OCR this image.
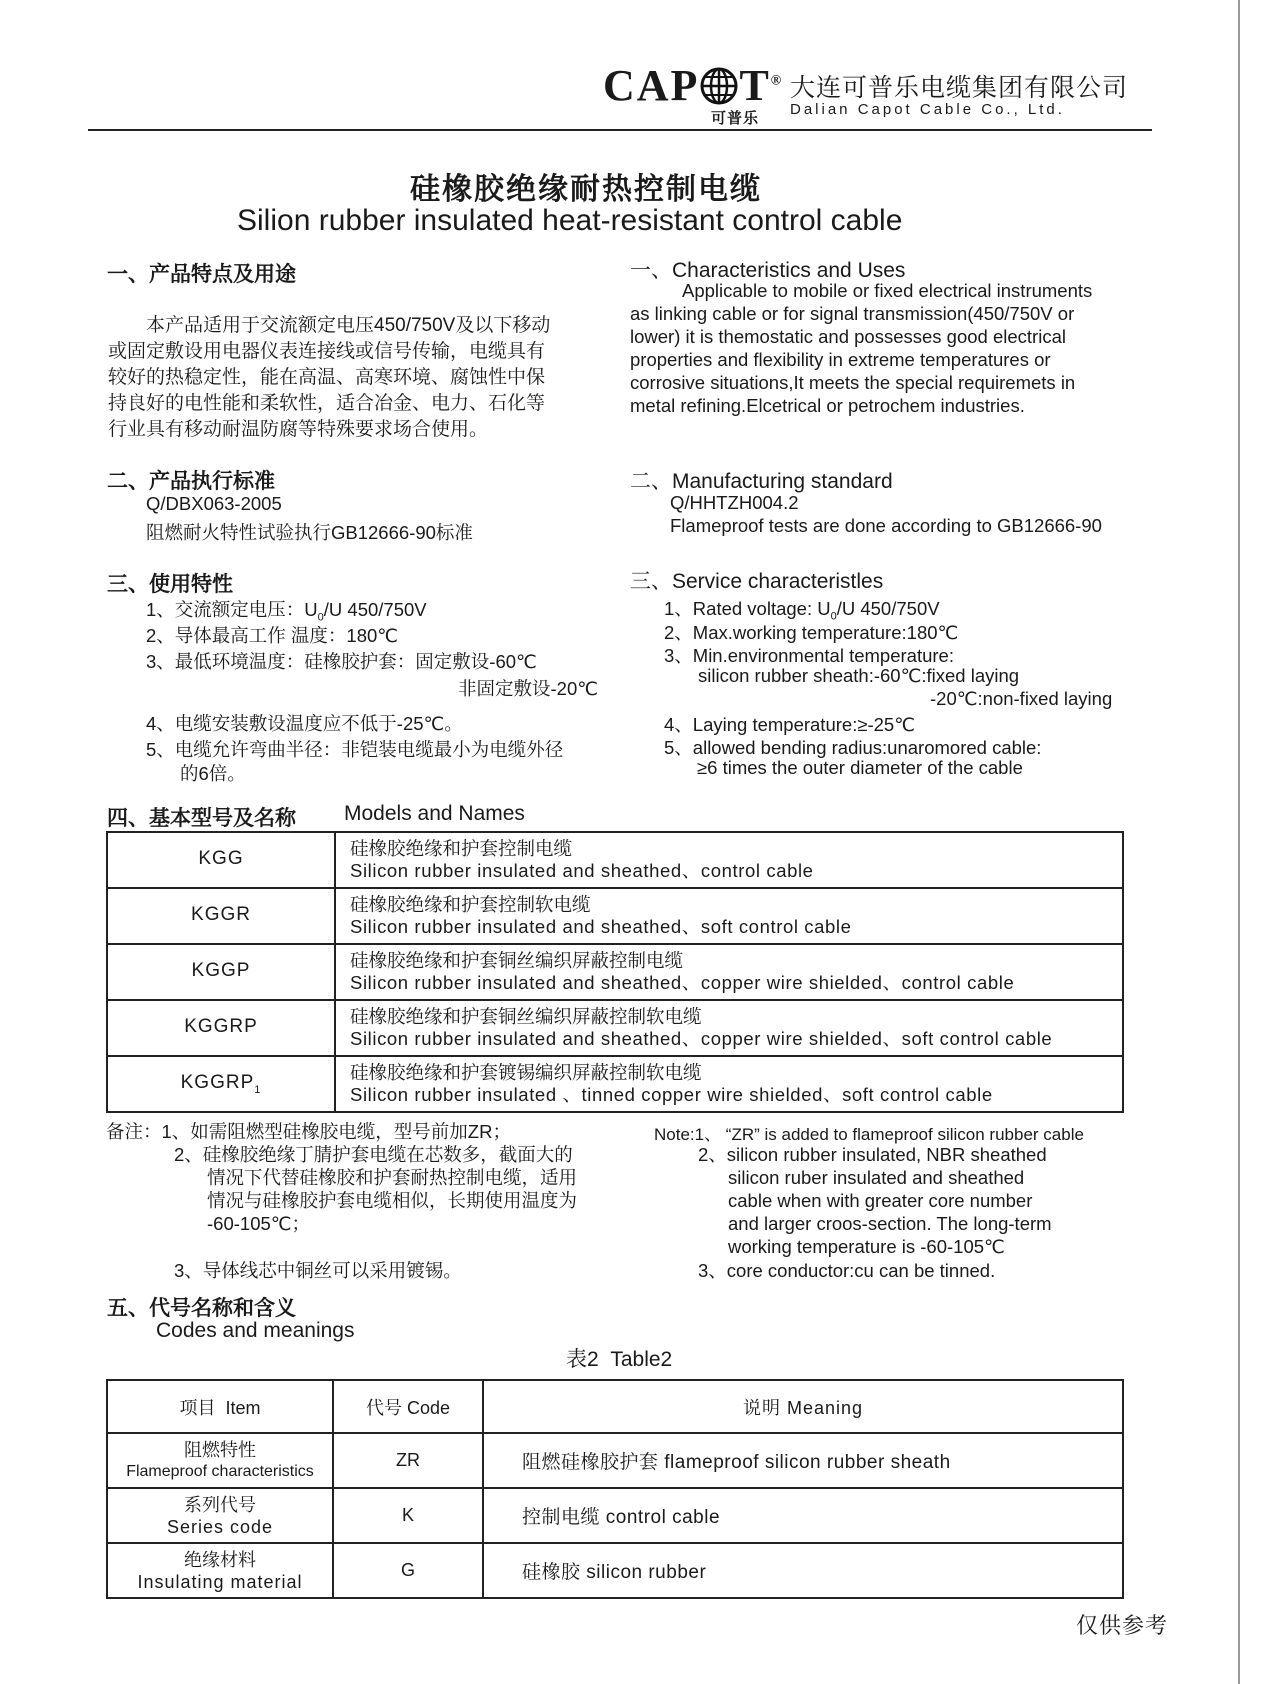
CAP T®
可普乐
大连可普乐电缆集团有限公司
Dalian Capot Cable Co., Ltd.
硅橡胶绝缘耐热控制电缆
Silion rubber insulated heat-resistant control cable
一、产品特点及用途
本产品适用于交流额定电压450/750V及以下移动
或固定敷设用电器仪表连接线或信号传输，电缆具有
较好的热稳定性，能在高温、高寒环境、腐蚀性中保
持良好的电性能和柔软性，适合冶金、电力、石化等
行业具有移动耐温防腐等特殊要求场合使用。
一、Characteristics and Uses
Applicable to mobile or fixed electrical instruments
as linking cable or for signal transmission(450/750V or
lower) it is themostatic and possesses good electrical
properties and flexibility in extreme temperatures or
corrosive situations,It meets the special requiremets in
metal refining.Elcetrical or petrochem industries.
二、产品执行标准
Q/DBX063-2005
阻燃耐火特性试验执行GB12666-90标准
二、Manufacturing standard
Q/HHTZH004.2
Flameproof tests are done according to GB12666-90
三、使用特性
1、交流额定电压：$U_0/U$ 450/750V
2、导体最高工作 温度：180℃
3、最低环境温度：硅橡胶护套：固定敷设-60℃
非固定敷设-20℃
4、电缆安装敷设温度应不低于-25℃。
5、电缆允许弯曲半径：非铠装电缆最小为电缆外径
的6倍。
三、Service characteristles
1、Rated voltage: $U_0/U$ 450/750V
2、Max.working temperature:180℃
3、Min.environmental temperature:
silicon rubber sheath:-60℃:fixed laying
-20℃:non-fixed laying
4、Laying temperature:≥-25℃
5、allowed bending radius:unaromored cable:
≥6 times the outer diameter of the cable
四、基本型号及名称 Models and Names
KGG	硅橡胶绝缘和护套控制电缆
Silicon rubber insulated and sheathed、control cable

KGGR	硅橡胶绝缘和护套控制软电缆
Silicon rubber insulated and sheathed、soft control cable

KGGP	硅橡胶绝缘和护套铜丝编织屏蔽控制电缆
Silicon rubber insulated and sheathed、copper wire shielded、control cable

KGGRP	硅橡胶绝缘和护套铜丝编织屏蔽控制软电缆
Silicon rubber insulated and sheathed、copper wire shielded、soft control cable

$KGGRP_1$	硅橡胶绝缘和护套镀锡编织屏蔽控制软电缆
Silicon rubber insulated 、tinned copper wire shielded、soft control cable
备注：1、如需阻燃型硅橡胶电缆，型号前加ZR；
2、硅橡胶绝缘丁腈护套电缆在芯数多，截面大的
情况下代替硅橡胶和护套耐热控制电缆，适用
情况与硅橡胶护套电缆相似，长期使用温度为
-60-105℃；
3、导体线芯中铜丝可以采用镀锡。
Note:1、 “ZR” is added to flameproof silicon rubber cable
2、silicon rubber insulated, NBR sheathed
silicon ruber insulated and sheathed
cable when with greater core number
and larger croos-section. The long-term
working temperature is -60-105℃
3、core conductor:cu can be tinned.
五、代号名称和含义
Codes and meanings
表2  Table2
项目  Item	代号 Code	说明 Meaning

阻燃特性
Flameproof characteristics	ZR	阻燃硅橡胶护套 flameproof silicon rubber sheath

系列代号
Series code	K	控制电缆 control cable

绝缘材料
Insulating material	G	硅橡胶 silicon rubber
仅供参考
